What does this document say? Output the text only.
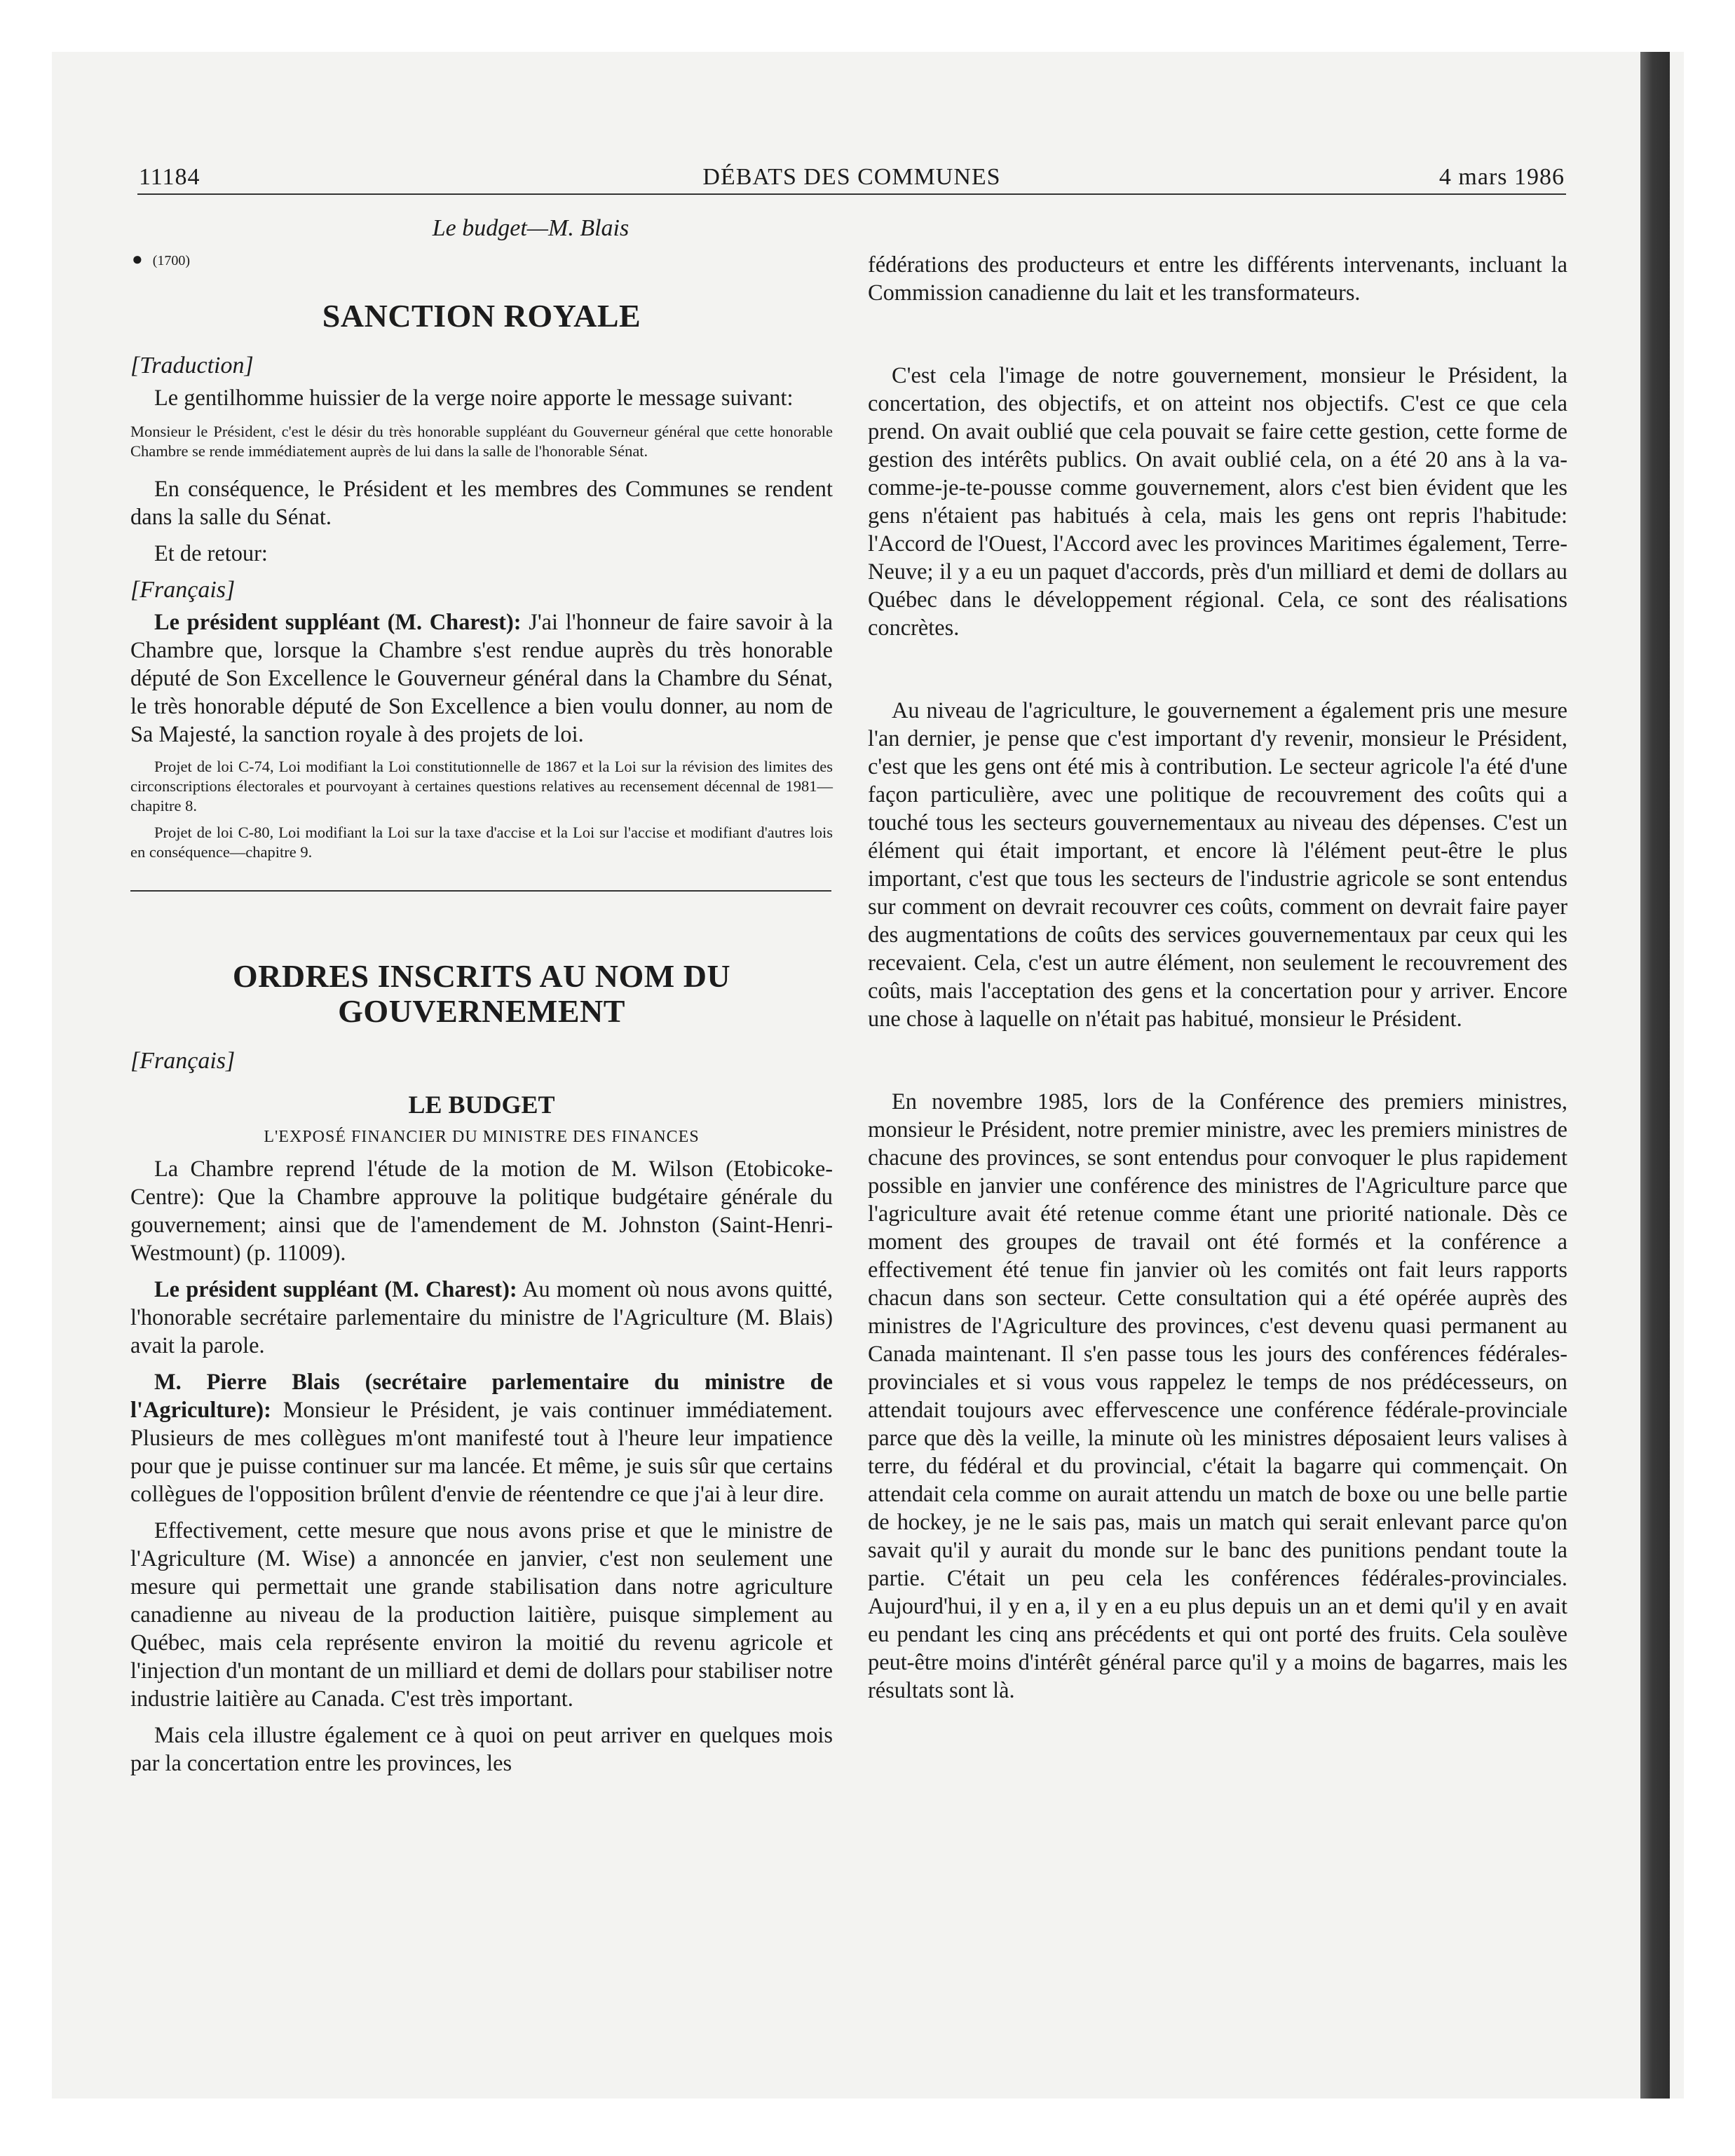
11184	DÉBATS DES COMMUNES	4 mars 1986
Le budget—M. Blais
● (1700)
SANCTION ROYALE
[Traduction]

Le gentilhomme huissier de la verge noire apporte le message suivant:

Monsieur le Président, c'est le désir du très honorable suppléant du Gouverneur général que cette honorable Chambre se rende immédiatement auprès de lui dans la salle de l'honorable Sénat.

En conséquence, le Président et les membres des Communes se rendent dans la salle du Sénat.

Et de retour:

[Français]

Le président suppléant (M. Charest): J'ai l'honneur de faire savoir à la Chambre que, lorsque la Chambre s'est rendue auprès du très honorable député de Son Excellence le Gouverneur général dans la Chambre du Sénat, le très honorable député de Son Excellence a bien voulu donner, au nom de Sa Majesté, la sanction royale à des projets de loi.

Projet de loi C-74, Loi modifiant la Loi constitutionnelle de 1867 et la Loi sur la révision des limites des circonscriptions électorales et pourvoyant à certaines questions relatives au recensement décennal de 1981—chapitre 8.

Projet de loi C-80, Loi modifiant la Loi sur la taxe d'accise et la Loi sur l'accise et modifiant d'autres lois en conséquence—chapitre 9.

ORDRES INSCRITS AU NOM DU GOUVERNEMENT
[Français]
LE BUDGET
L'EXPOSÉ FINANCIER DU MINISTRE DES FINANCES

La Chambre reprend l'étude de la motion de M. Wilson (Etobicoke-Centre): Que la Chambre approuve la politique budgétaire générale du gouvernement; ainsi que de l'amendement de M. Johnston (Saint-Henri-Westmount) (p. 11009).

Le président suppléant (M. Charest): Au moment où nous avons quitté, l'honorable secrétaire parlementaire du ministre de l'Agriculture (M. Blais) avait la parole.

M. Pierre Blais (secrétaire parlementaire du ministre de l'Agriculture): Monsieur le Président, je vais continuer immédiatement. Plusieurs de mes collègues m'ont manifesté tout à l'heure leur impatience pour que je puisse continuer sur ma lancée. Et même, je suis sûr que certains collègues de l'opposition brûlent d'envie de réentendre ce que j'ai à leur dire.

Effectivement, cette mesure que nous avons prise et que le ministre de l'Agriculture (M. Wise) a annoncée en janvier, c'est non seulement une mesure qui permettait une grande stabilisation dans notre agriculture canadienne au niveau de la production laitière, puisque simplement au Québec, mais cela représente environ la moitié du revenu agricole et l'injection d'un montant de un milliard et demi de dollars pour stabiliser notre industrie laitière au Canada. C'est très important.

Mais cela illustre également ce à quoi on peut arriver en quelques mois par la concertation entre les provinces, les

fédérations des producteurs et entre les différents intervenants, incluant la Commission canadienne du lait et les transformateurs.

C'est cela l'image de notre gouvernement, monsieur le Président, la concertation, des objectifs, et on atteint nos objectifs. C'est ce que cela prend. On avait oublié que cela pouvait se faire cette gestion, cette forme de gestion des intérêts publics. On avait oublié cela, on a été 20 ans à la va-comme-je-te-pousse comme gouvernement, alors c'est bien évident que les gens n'étaient pas habitués à cela, mais les gens ont repris l'habitude: l'Accord de l'Ouest, l'Accord avec les provinces Maritimes également, Terre-Neuve; il y a eu un paquet d'accords, près d'un milliard et demi de dollars au Québec dans le développement régional. Cela, ce sont des réalisations concrètes.

Au niveau de l'agriculture, le gouvernement a également pris une mesure l'an dernier, je pense que c'est important d'y revenir, monsieur le Président, c'est que les gens ont été mis à contribution. Le secteur agricole l'a été d'une façon particulière, avec une politique de recouvrement des coûts qui a touché tous les secteurs gouvernementaux au niveau des dépenses. C'est un élément qui était important, et encore là l'élément peut-être le plus important, c'est que tous les secteurs de l'industrie agricole se sont entendus sur comment on devrait recouvrer ces coûts, comment on devrait faire payer des augmentations de coûts des services gouvernementaux par ceux qui les recevaient. Cela, c'est un autre élément, non seulement le recouvrement des coûts, mais l'acceptation des gens et la concertation pour y arriver. Encore une chose à laquelle on n'était pas habitué, monsieur le Président.

En novembre 1985, lors de la Conférence des premiers ministres, monsieur le Président, notre premier ministre, avec les premiers ministres de chacune des provinces, se sont entendus pour convoquer le plus rapidement possible en janvier une conférence des ministres de l'Agriculture parce que l'agriculture avait été retenue comme étant une priorité nationale. Dès ce moment des groupes de travail ont été formés et la conférence a effectivement été tenue fin janvier où les comités ont fait leurs rapports chacun dans son secteur. Cette consultation qui a été opérée auprès des ministres de l'Agriculture des provinces, c'est devenu quasi permanent au Canada maintenant. Il s'en passe tous les jours des conférences fédérales-provinciales et si vous vous rappelez le temps de nos prédécesseurs, on attendait toujours avec effervescence une conférence fédérale-provinciale parce que dès la veille, la minute où les ministres déposaient leurs valises à terre, du fédéral et du provincial, c'était la bagarre qui commençait. On attendait cela comme on aurait attendu un match de boxe ou une belle partie de hockey, je ne le sais pas, mais un match qui serait enlevant parce qu'on savait qu'il y aurait du monde sur le banc des punitions pendant toute la partie. C'était un peu cela les conférences fédérales-provinciales. Aujourd'hui, il y en a, il y en a eu plus depuis un an et demi qu'il y en avait eu pendant les cinq ans précédents et qui ont porté des fruits. Cela soulève peut-être moins d'intérêt général parce qu'il y a moins de bagarres, mais les résultats sont là.
